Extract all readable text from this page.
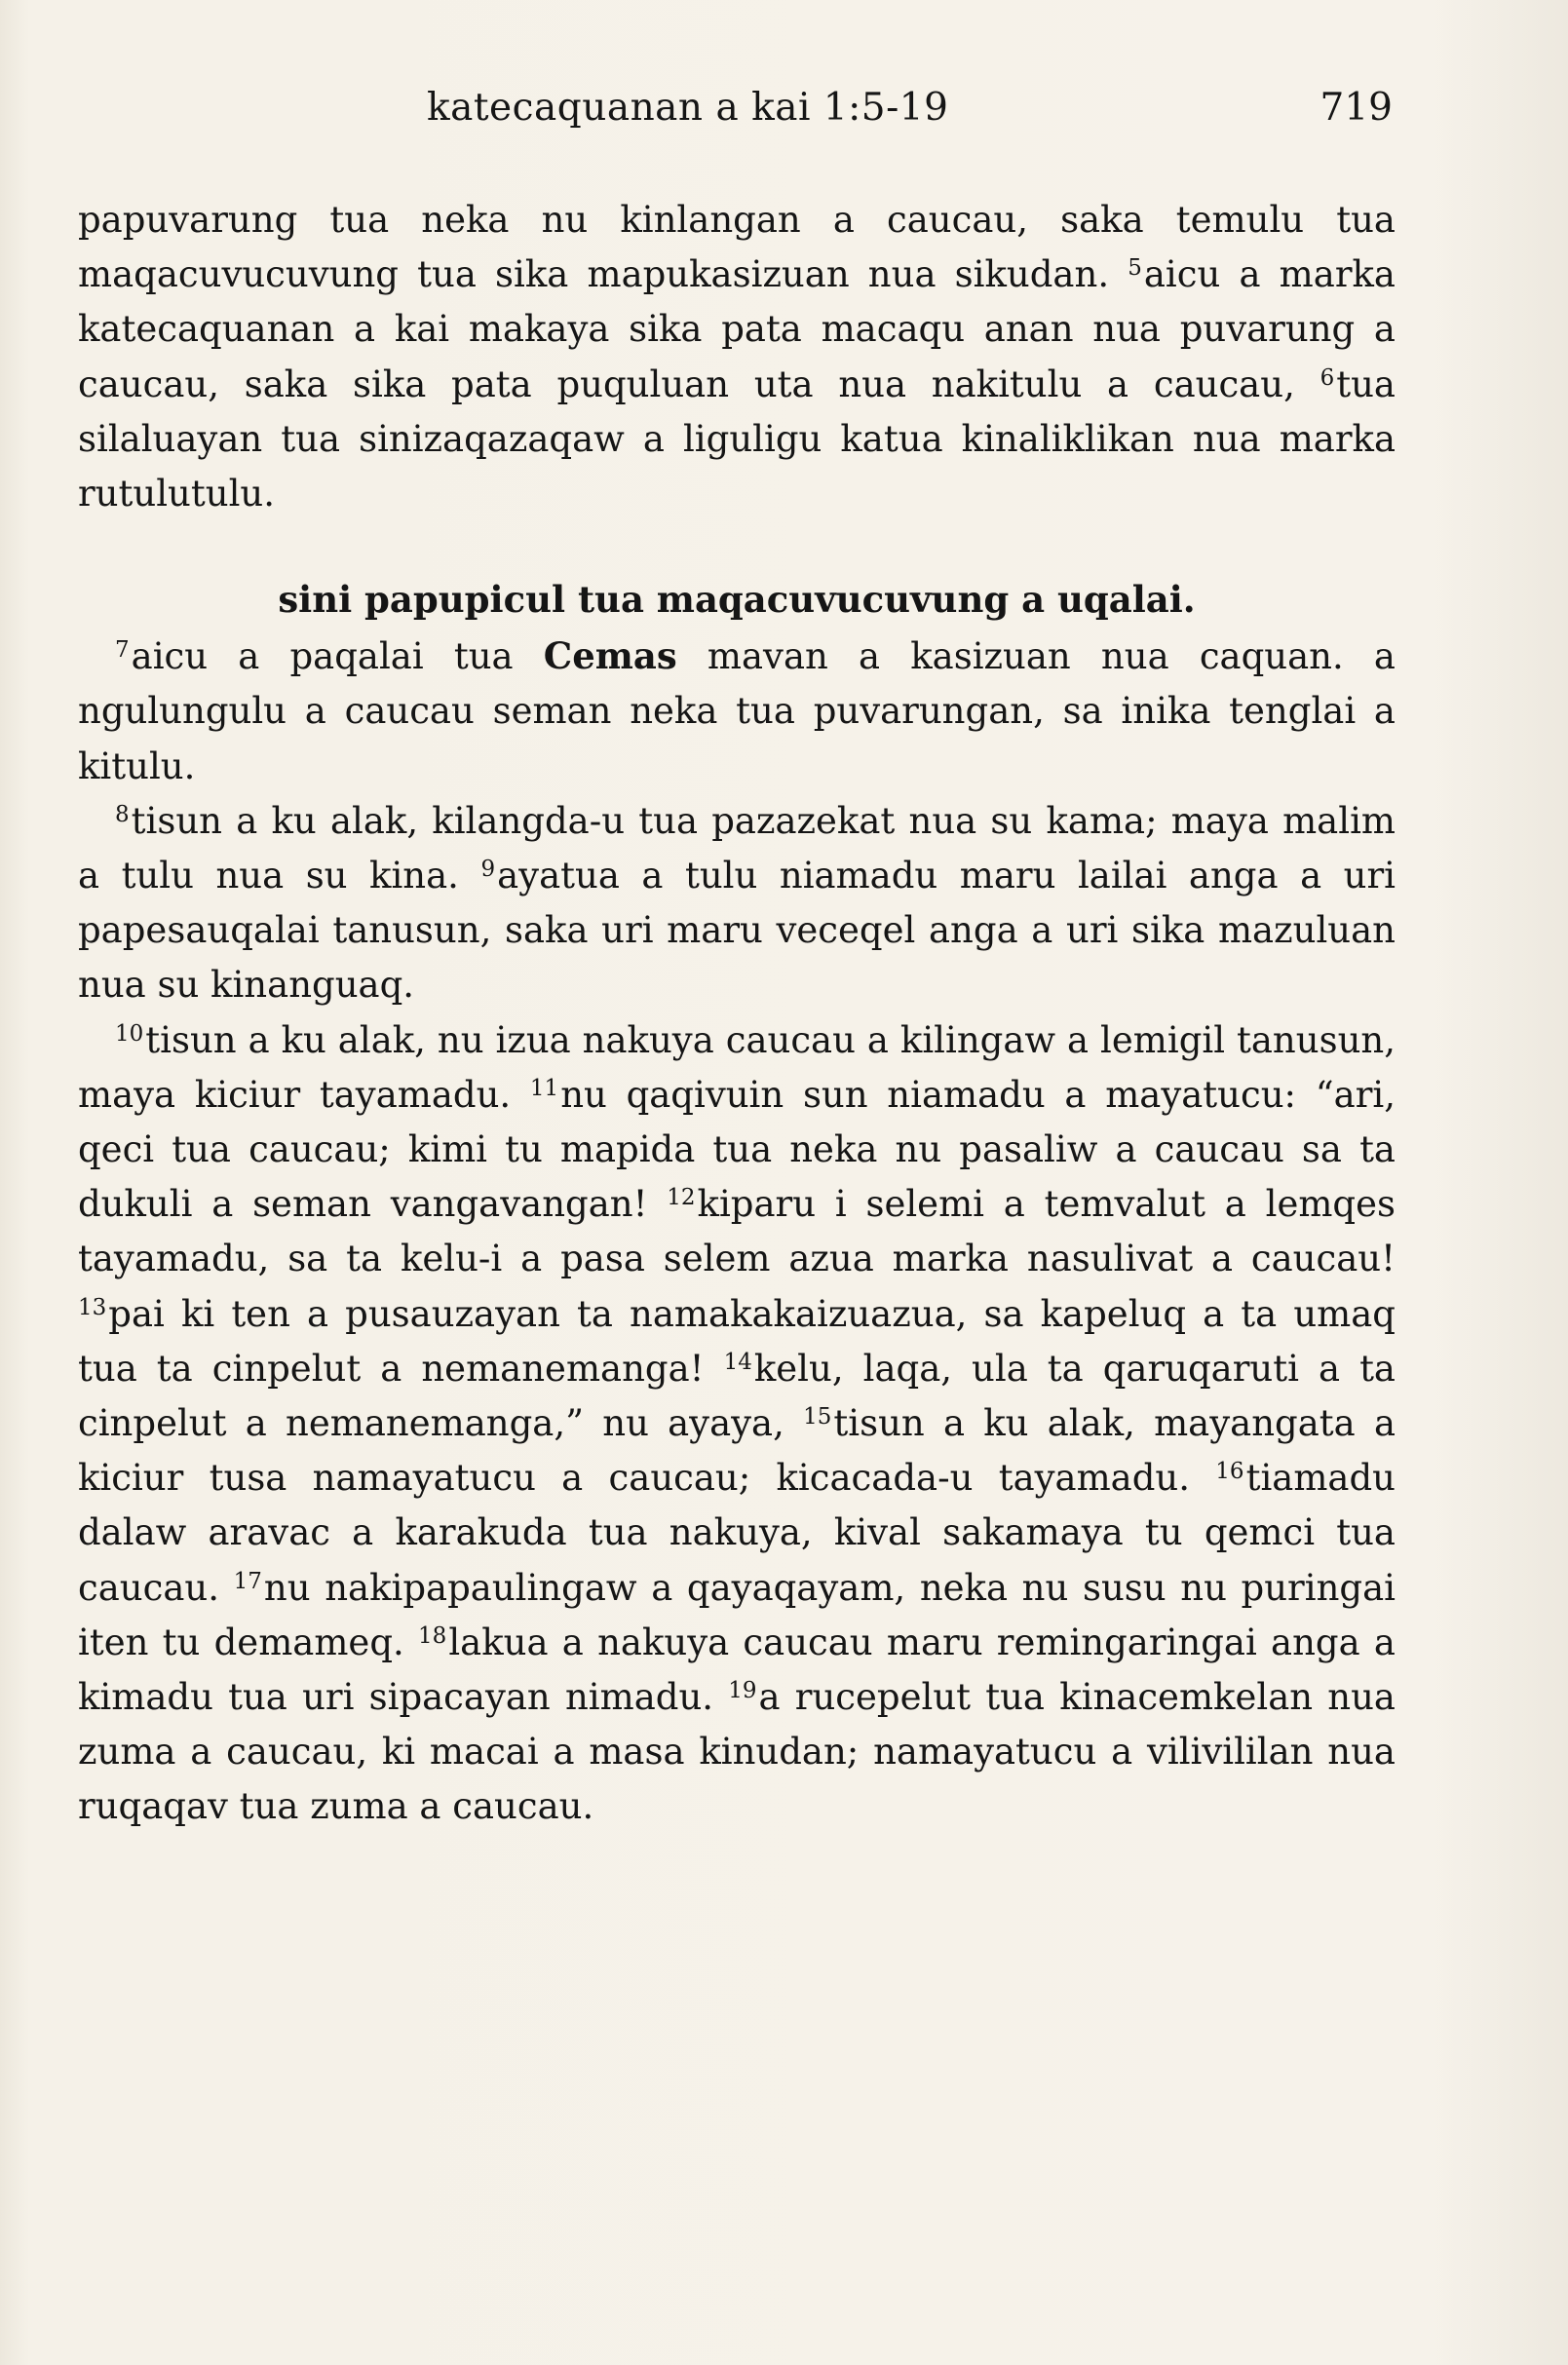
katecaquanan a kai 1:5-19	719

papuvarung tua neka nu kinlangan a caucau, saka temulu tua maqacuvucuvung tua sika mapukasizuan nua sikudan. $^5$aicu a marka katecaquanan a kai makaya sika pata macaqu anan nua puvarung a caucau, saka sika pata puquluan uta nua nakitulu a caucau, $^6$tua silaluayan tua sinizaqazaqaw a liguligu katua kinaliklikan nua marka rutulutulu.

sini papupicul tua maqacuvucuvung a uqalai.

$^7$aicu a paqalai tua Cemas mavan a kasizuan nua caquan. a ngulungulu a caucau seman neka tua puvarungan, sa inika tenglai a kitulu.

$^8$tisun a ku alak, kilangda-u tua pazazekat nua su kama; maya malim a tulu nua su kina. $^9$ayatua a tulu niamadu maru lailai anga a uri papesauqalai tanusun, saka uri maru veceqel anga a uri sika mazuluan nua su kinanguaq.

$^{10}$tisun a ku alak, nu izua nakuya caucau a kilingaw a lemigil tanusun, maya kiciur tayamadu. $^{11}$nu qaqivuin sun niamadu a mayatucu: “ari, qeci tua caucau; kimi tu mapida tua neka nu pasaliw a caucau sa ta dukuli a seman vangavangan! $^{12}$kiparu i selemi a temvalut a lemqes tayamadu, sa ta kelu-i a pasa selem azua marka nasulivat a caucau! $^{13}$pai ki ten a pusauzayan ta namakakaizuazua, sa kapeluq a ta umaq tua ta cinpelut a nemanemanga! $^{14}$kelu, laqa, ula ta qaruqaruti a ta cinpelut a nemanemanga,” nu ayaya, $^{15}$tisun a ku alak, mayangata a kiciur tusa namayatucu a caucau; kicacada-u tayamadu. $^{16}$tiamadu dalaw aravac a karakuda tua nakuya, kival sakamaya tu qemci tua caucau. $^{17}$nu nakipapaulingaw a qayaqayam, neka nu susu nu puringai iten tu demameq. $^{18}$lakua a nakuya caucau maru remingaringai anga a kimadu tua uri sipacayan nimadu. $^{19}$a rucepelut tua kinacemkelan nua zuma a caucau, ki macai a masa kinudan; namayatucu a vilivililan nua ruqaqav tua zuma a caucau.
